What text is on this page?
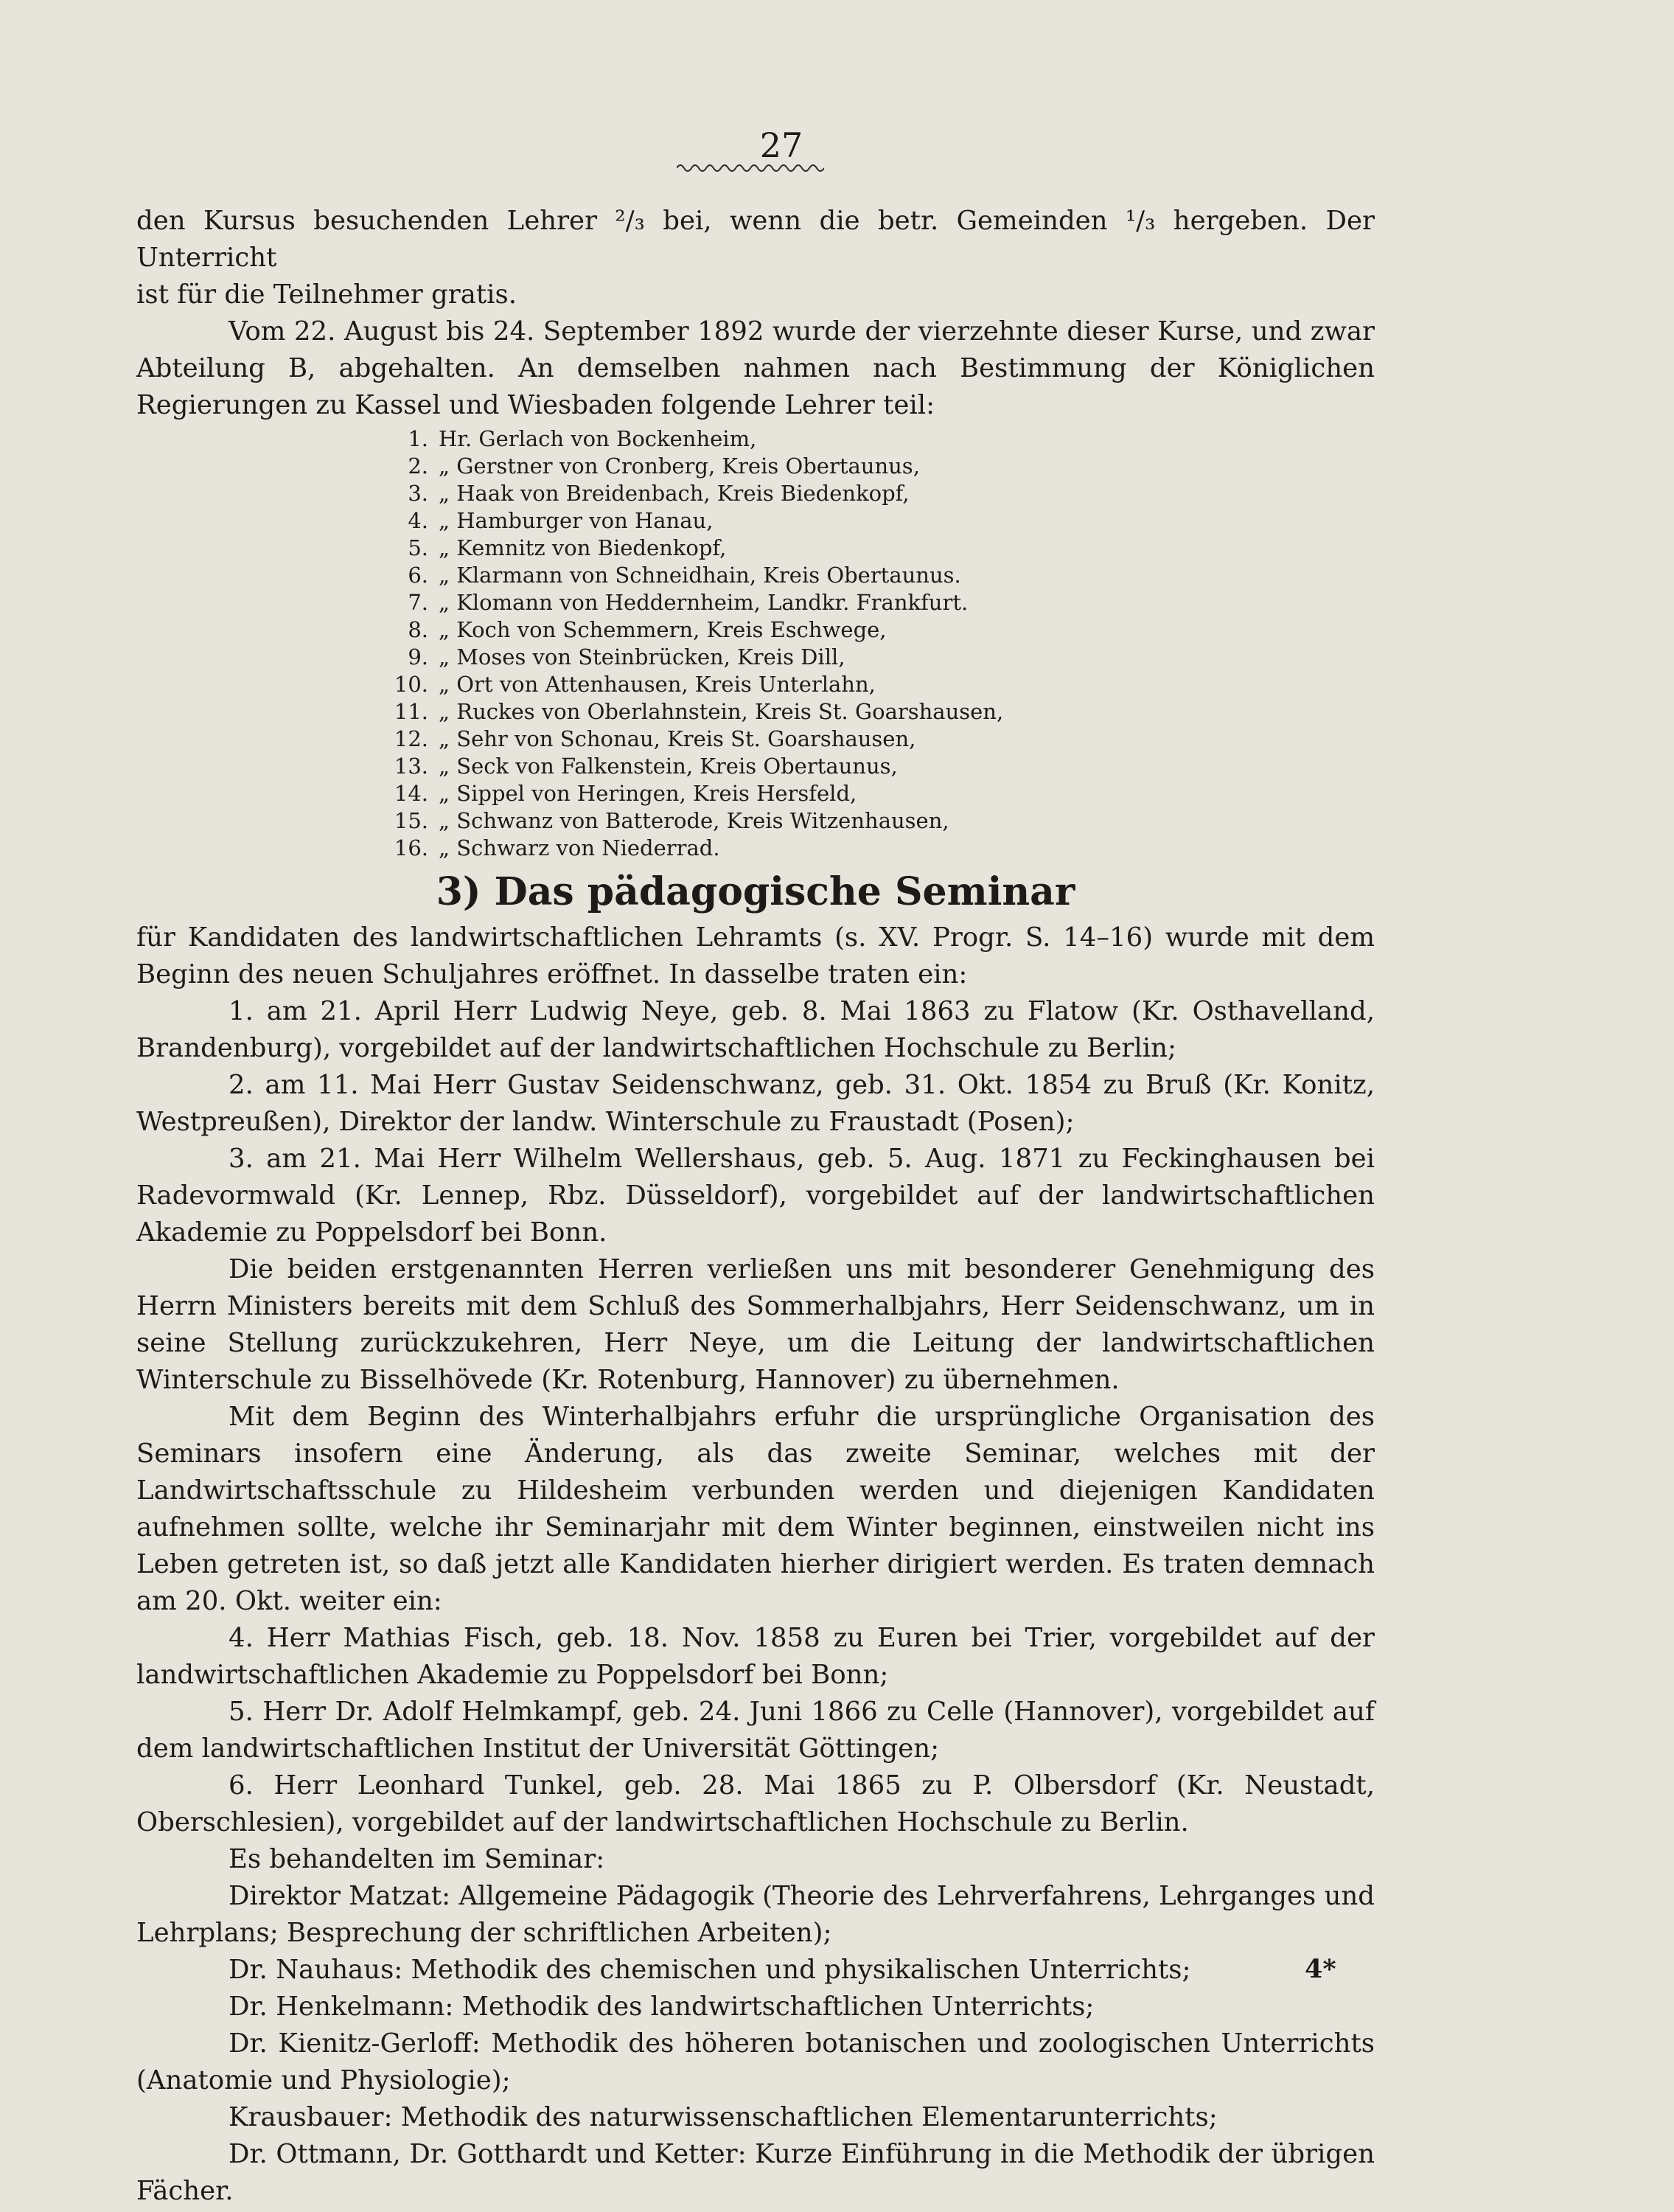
27

den Kursus besuchenden Lehrer ²/₃ bei, wenn die betr. Gemeinden ¹/₃ hergeben. Der Unterricht

ist für die Teilnehmer gratis.

Vom 22. August bis 24. September 1892 wurde der vierzehnte dieser Kurse, und zwar Abteilung B, abgehalten. An demselben nahmen nach Bestimmung der Königlichen Regierungen zu Kassel und Wiesbaden folgende Lehrer teil:

1. Hr. Gerlach von Bockenheim,
2. „ Gerstner von Cronberg, Kreis Obertaunus,
3. „ Haak von Breidenbach, Kreis Biedenkopf,
4. „ Hamburger von Hanau,
5. „ Kemnitz von Biedenkopf,
6. „ Klarmann von Schneidhain, Kreis Obertaunus.
7. „ Klomann von Heddernheim, Landkr. Frankfurt.
8. „ Koch von Schemmern, Kreis Eschwege,
9. „ Moses von Steinbrücken, Kreis Dill,
10. „ Ort von Attenhausen, Kreis Unterlahn,
11. „ Ruckes von Oberlahnstein, Kreis St. Goarshausen,
12. „ Sehr von Schonau, Kreis St. Goarshausen,
13. „ Seck von Falkenstein, Kreis Obertaunus,
14. „ Sippel von Heringen, Kreis Hersfeld,
15. „ Schwanz von Batterode, Kreis Witzenhausen,
16. „ Schwarz von Niederrad.
3) Das pädagogische Seminar

für Kandidaten des landwirtschaftlichen Lehramts (s. XV. Progr. S. 14–16) wurde mit dem Beginn des neuen Schuljahres eröffnet. In dasselbe traten ein:

1. am 21. April Herr Ludwig Neye, geb. 8. Mai 1863 zu Flatow (Kr. Osthavelland, Brandenburg), vorgebildet auf der landwirtschaftlichen Hochschule zu Berlin;
2. am 11. Mai Herr Gustav Seidenschwanz, geb. 31. Okt. 1854 zu Bruß (Kr. Konitz, Westpreußen), Direktor der landw. Winterschule zu Fraustadt (Posen);
3. am 21. Mai Herr Wilhelm Wellershaus, geb. 5. Aug. 1871 zu Feckinghausen bei Radevormwald (Kr. Lennep, Rbz. Düsseldorf), vorgebildet auf der landwirtschaftlichen Akademie zu Poppelsdorf bei Bonn.

Die beiden erstgenannten Herren verließen uns mit besonderer Genehmigung des Herrn Ministers bereits mit dem Schluß des Sommerhalbjahrs, Herr Seidenschwanz, um in seine Stellung zurückzukehren, Herr Neye, um die Leitung der landwirtschaftlichen Winterschule zu Bisselhövede (Kr. Rotenburg, Hannover) zu übernehmen.

Mit dem Beginn des Winterhalbjahrs erfuhr die ursprüngliche Organisation des Seminars insofern eine Änderung, als das zweite Seminar, welches mit der Landwirtschaftsschule zu Hildesheim verbunden werden und diejenigen Kandidaten aufnehmen sollte, welche ihr Seminarjahr mit dem Winter beginnen, einstweilen nicht ins Leben getreten ist, so daß jetzt alle Kandidaten hierher dirigiert werden. Es traten demnach am 20. Okt. weiter ein:

4. Herr Mathias Fisch, geb. 18. Nov. 1858 zu Euren bei Trier, vorgebildet auf der landwirtschaftlichen Akademie zu Poppelsdorf bei Bonn;
5. Herr Dr. Adolf Helmkampf, geb. 24. Juni 1866 zu Celle (Hannover), vorgebildet auf dem landwirtschaftlichen Institut der Universität Göttingen;
6. Herr Leonhard Tunkel, geb. 28. Mai 1865 zu P. Olbersdorf (Kr. Neustadt, Oberschlesien), vorgebildet auf der landwirtschaftlichen Hochschule zu Berlin.

Es behandelten im Seminar:

Direktor Matzat: Allgemeine Pädagogik (Theorie des Lehrverfahrens, Lehrganges und Lehrplans; Besprechung der schriftlichen Arbeiten);
Dr. Nauhaus: Methodik des chemischen und physikalischen Unterrichts;
Dr. Henkelmann: Methodik des landwirtschaftlichen Unterrichts;
Dr. Kienitz-Gerloff: Methodik des höheren botanischen und zoologischen Unterrichts (Anatomie und Physiologie);
Krausbauer: Methodik des naturwissenschaftlichen Elementarunterrichts;
Dr. Ottmann, Dr. Gotthardt und Ketter: Kurze Einführung in die Methodik der übrigen Fächer.
4*
